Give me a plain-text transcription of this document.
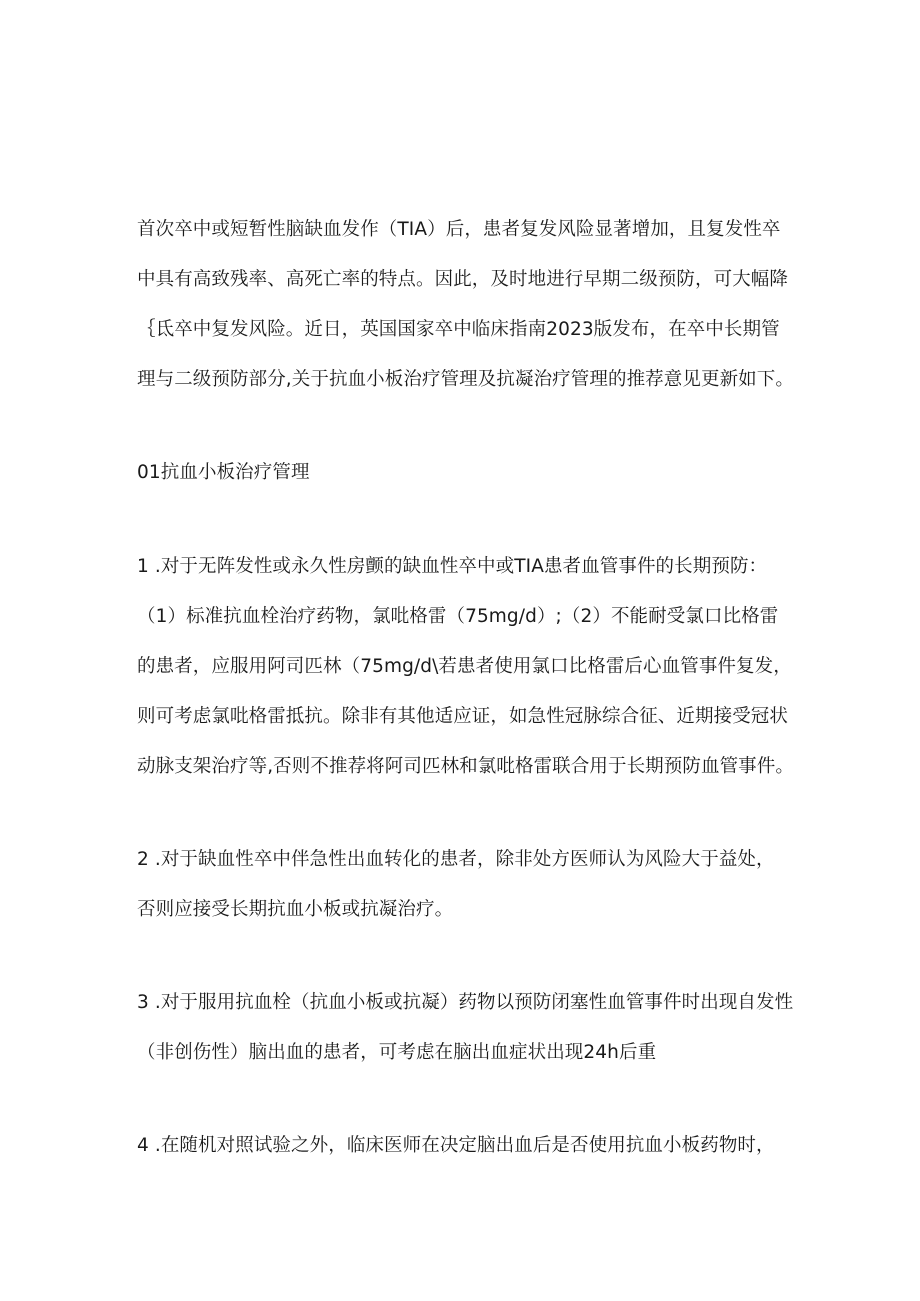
首次卒中或短暂性脑缺血发作（TIA）后，患者复发风险显著增加，且复发性卒
中具有高致残率、高死亡率的特点。因此，及时地进行早期二级预防，可大幅降
｛氐卒中复发风险。近日，英国国家卒中临床指南2023版发布，在卒中长期管
理与二级预防部分,关于抗血小板治疗管理及抗凝治疗管理的推荐意见更新如下。
01抗血小板治疗管理
1 .对于无阵发性或永久性房颤的缺血性卒中或TIA患者血管事件的长期预防：
（1）标准抗血栓治疗药物，氯吡格雷（75mg/d）;（2）不能耐受氯口比格雷
的患者，应服用阿司匹林（75mg/d\若患者使用氯口比格雷后心血管事件复发，
则可考虑氯吡格雷抵抗。除非有其他适应证，如急性冠脉综合征、近期接受冠状
动脉支架治疗等,否则不推荐将阿司匹林和氯吡格雷联合用于长期预防血管事件。
2 .对于缺血性卒中伴急性出血转化的患者，除非处方医师认为风险大于益处，
否则应接受长期抗血小板或抗凝治疗。
3 .对于服用抗血栓（抗血小板或抗凝）药物以预防闭塞性血管事件时出现自发性
（非创伤性）脑出血的患者，可考虑在脑出血症状出现24h后重
4 .在随机对照试验之外，临床医师在决定脑出血后是否使用抗血小板药物时，
